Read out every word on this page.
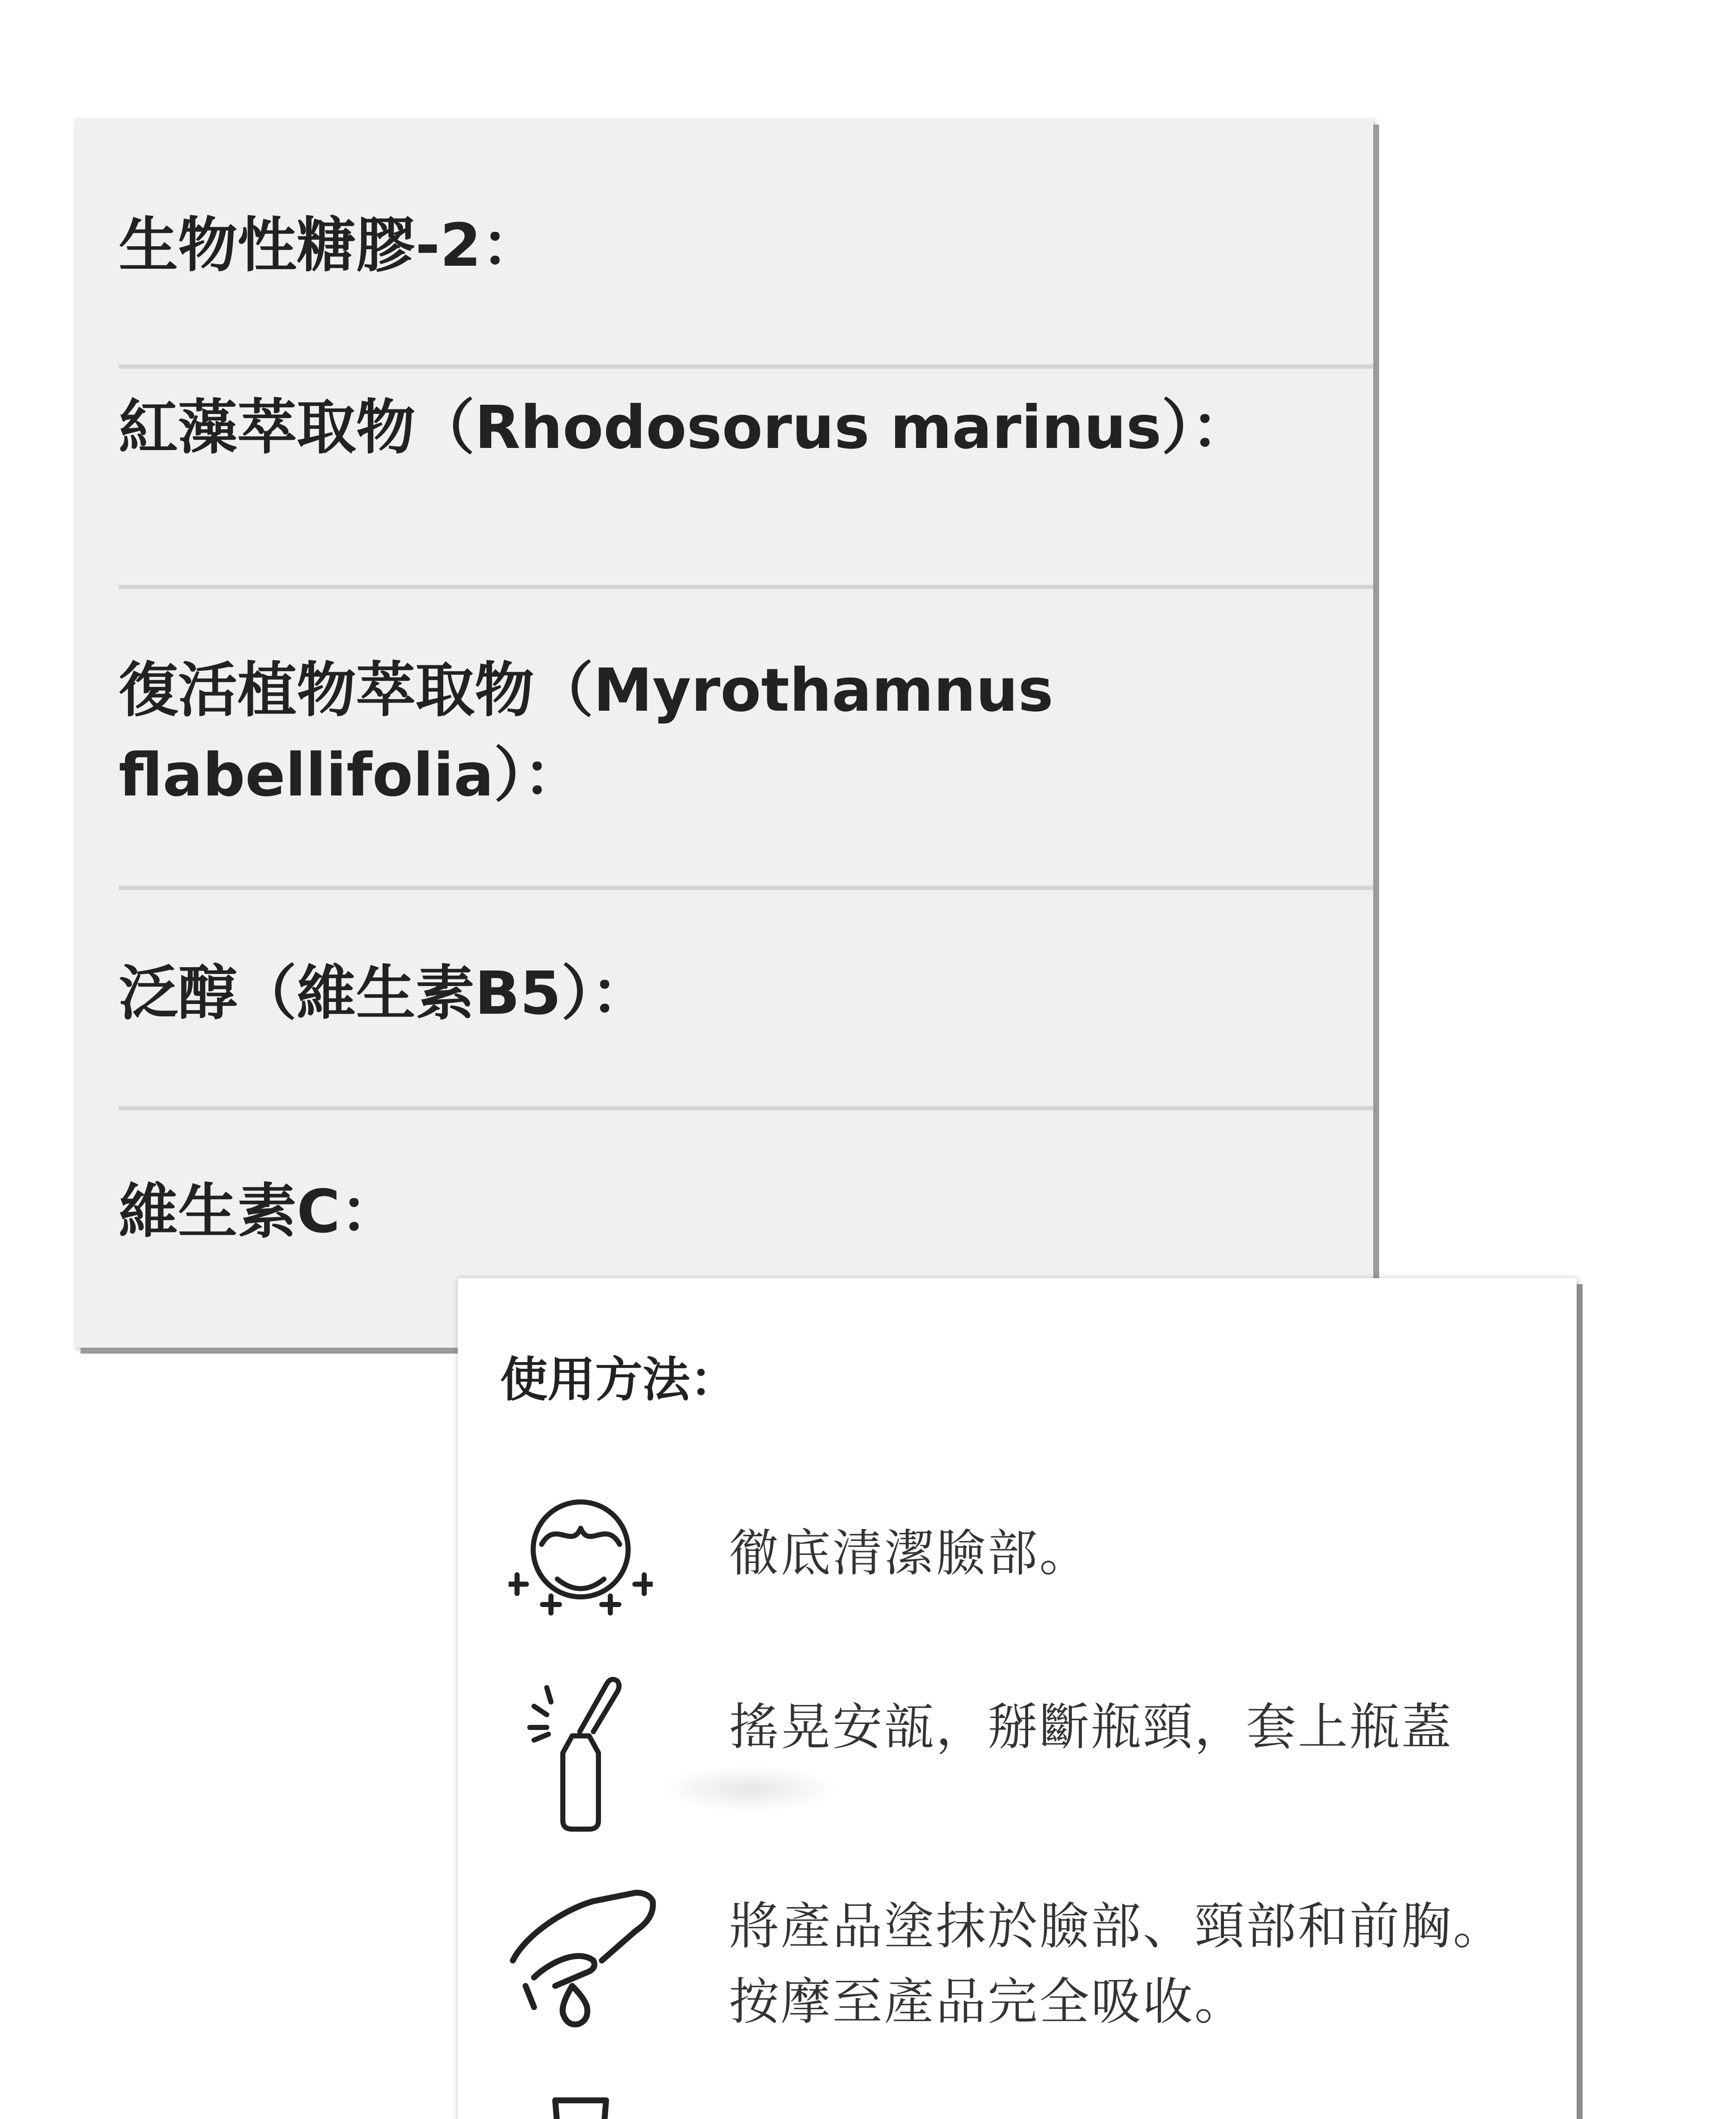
生物性糖膠-2：
紅藻萃取物（Rhodosorus marinus）：
復活植物萃取物（Myrothamnus flabellifolia）：
泛醇（維生素B5）：
維生素C：
使用方法：
徹底清潔臉部。
搖晃安瓿，掰斷瓶頸，套上瓶蓋
將產品塗抹於臉部、頸部和前胸。按摩至產品完全吸收。
